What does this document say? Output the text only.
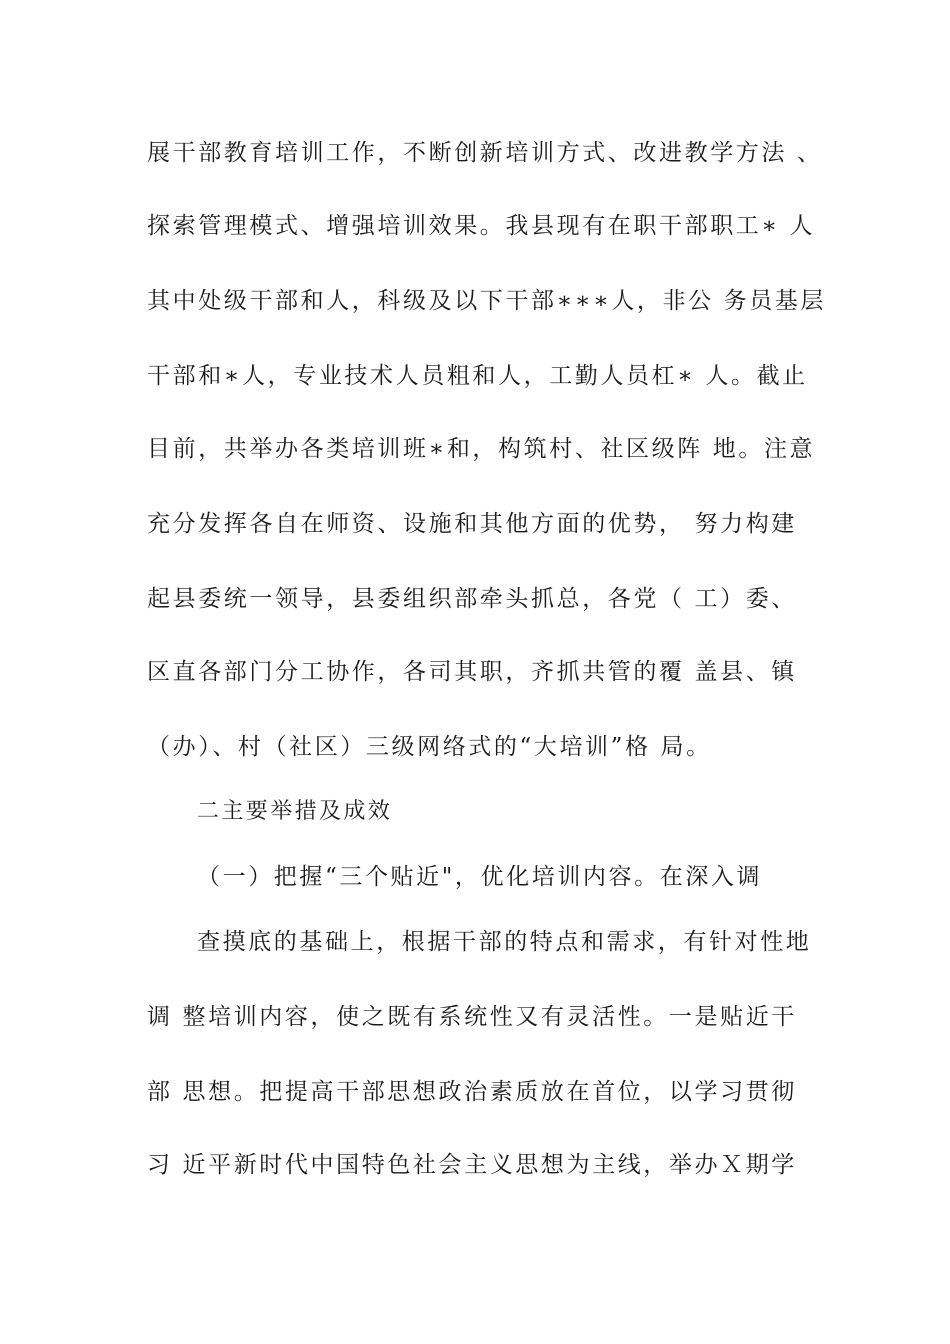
展干部教育培训工作，不断创新培训方式、改进教学方法 、
探索管理模式、增强培训效果。我县现有在职干部职工∗ 人
其中处级干部和人，科级及以下干部∗∗∗人，非公 务员基层
干部和∗人，专业技术人员粗和人，工勤人员杠∗ 人。截止
目前，共举办各类培训班∗和，构筑村、社区级阵 地。注意
充分发挥各自在师资、设施和其他方面的优势， 努力构建
起县委统一领导，县委组织部牵头抓总，各党（ 工）委、
区直各部门分工协作，各司其职，齐抓共管的覆 盖县、镇
（办）、村（社区）三级网络式的“大培训”格 局。
二主要举措及成效
（一）把握“三个贴近"，优化培训内容。在深入调
查摸底的基础上，根据干部的特点和需求，有针对性地
调 整培训内容，使之既有系统性又有灵活性。一是贴近干
部 思想。把提高干部思想政治素质放在首位，以学习贯彻
习 近平新时代中国特色社会主义思想为主线，举办Ｘ期学
